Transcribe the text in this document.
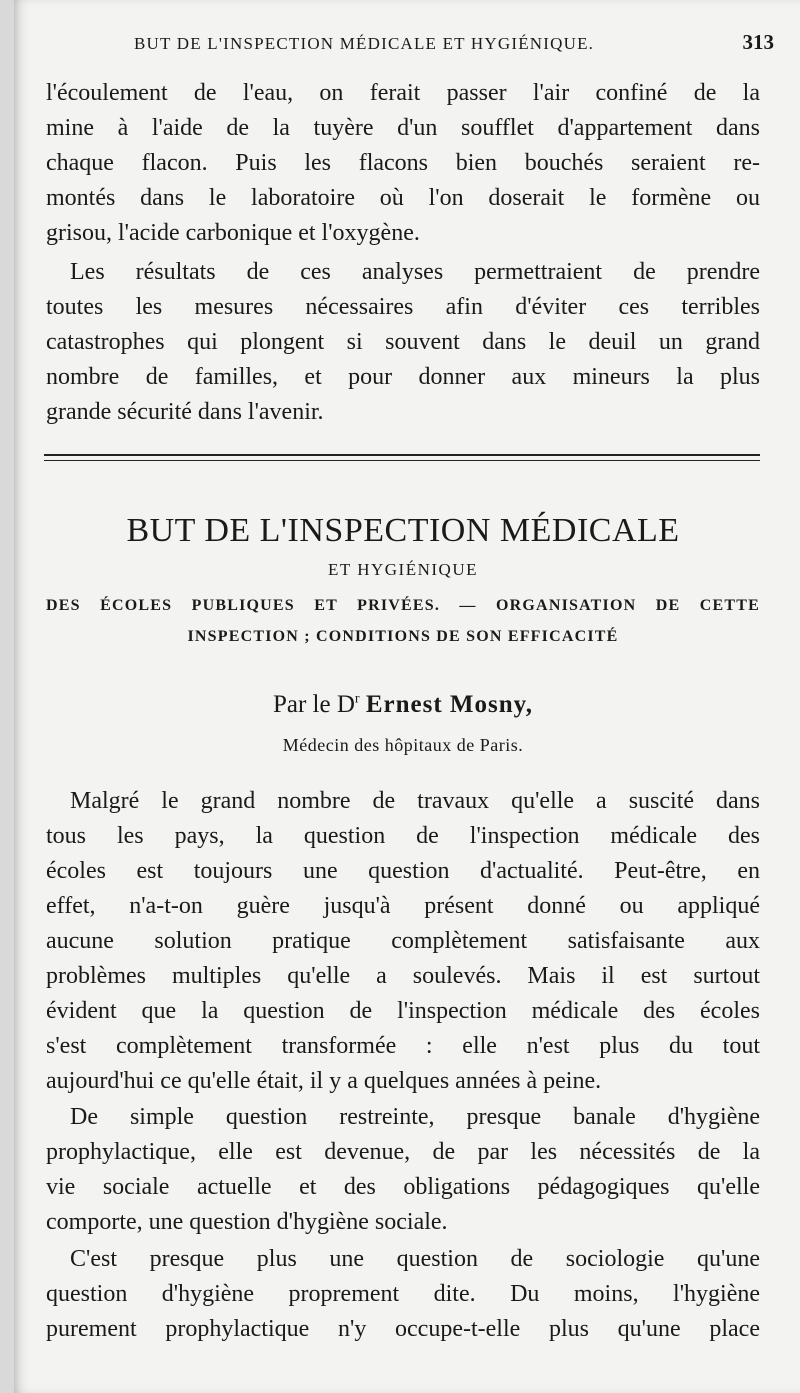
BUT DE L'INSPECTION MÉDICALE ET HYGIÉNIQUE.	313
l'écoulement de l'eau, on ferait passer l'air confiné de la
mine à l'aide de la tuyère d'un soufflet d'appartement dans
chaque flacon. Puis les flacons bien bouchés seraient re-
montés dans le laboratoire où l'on doserait le formène ou
grisou, l'acide carbonique et l'oxygène.
Les résultats de ces analyses permettraient de prendre
toutes les mesures nécessaires afin d'éviter ces terribles
catastrophes qui plongent si souvent dans le deuil un grand
nombre de familles, et pour donner aux mineurs la plus
grande sécurité dans l'avenir.
BUT DE L'INSPECTION MÉDICALE
ET HYGIÉNIQUE
DES ÉCOLES PUBLIQUES ET PRIVÉES. — ORGANISATION DE CETTE
INSPECTION ; CONDITIONS DE SON EFFICACITÉ
Par le $D^r$ Ernest Mosny,
Médecin des hôpitaux de Paris.
Malgré le grand nombre de travaux qu'elle a suscité dans
tous les pays, la question de l'inspection médicale des
écoles est toujours une question d'actualité. Peut-être, en
effet, n'a-t-on guère jusqu'à présent donné ou appliqué
aucune solution pratique complètement satisfaisante aux
problèmes multiples qu'elle a soulevés. Mais il est surtout
évident que la question de l'inspection médicale des écoles
s'est complètement transformée : elle n'est plus du tout
aujourd'hui ce qu'elle était, il y a quelques années à peine.
De simple question restreinte, presque banale d'hygiène
prophylactique, elle est devenue, de par les nécessités de la
vie sociale actuelle et des obligations pédagogiques qu'elle
comporte, une question d'hygiène sociale.
C'est presque plus une question de sociologie qu'une
question d'hygiène proprement dite. Du moins, l'hygiène
purement prophylactique n'y occupe-t-elle plus qu'une place
